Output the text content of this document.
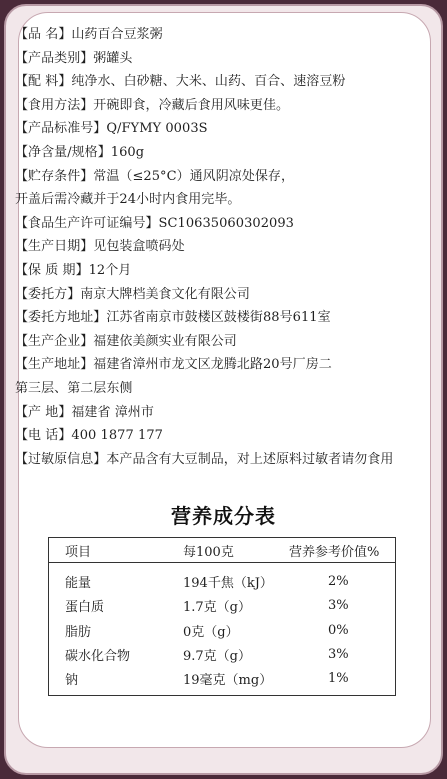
【品 名】山药百合豆浆粥
【产品类别】粥罐头
【配 料】纯净水、白砂糖、大米、山药、百合、速溶豆粉
【食用方法】开碗即食，冷藏后食用风味更佳。
【产品标准号】Q/FYMY 0003S
【净含量/规格】160g
【贮存条件】常温（≤25°C）通风阴凉处保存，
开盖后需冷藏并于24小时内食用完毕。
【食品生产许可证编号】SC10635060302093
【生产日期】见包装盒喷码处
【保 质 期】12个月
【委托方】南京大牌档美食文化有限公司
【委托方地址】江苏省南京市鼓楼区鼓楼街88号611室
【生产企业】福建依美颜实业有限公司
【生产地址】福建省漳州市龙文区龙腾北路20号厂房二
第三层、第二层东侧
【产 地】福建省 漳州市
【电 话】400 1877 177
【过敏原信息】本产品含有大豆制品，对上述原料过敏者请勿食用
营养成分表
项目	每100克	营养参考价值%
能量	194千焦（kJ）	2%
蛋白质	1.7克（g）	3%
脂肪	0克（g）	0%
碳水化合物	9.7克（g）	3%
钠	19毫克（mg）	1%
